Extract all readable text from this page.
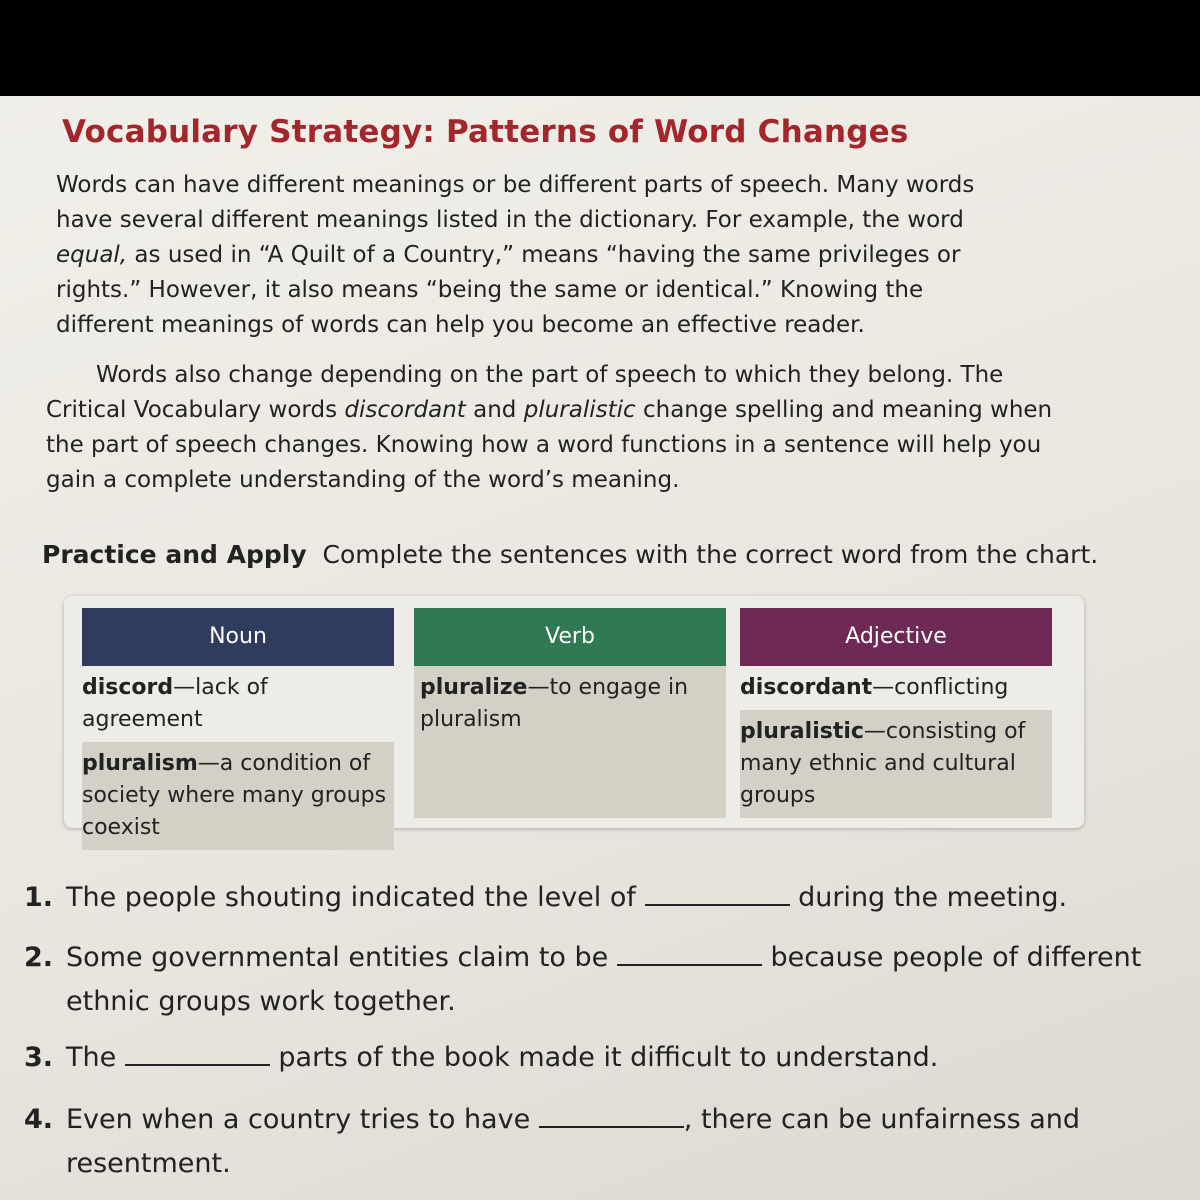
Vocabulary Strategy: Patterns of Word Changes
Words can have different meanings or be different parts of speech. Many words have several different meanings listed in the dictionary. For example, the word equal, as used in “A Quilt of a Country,” means “having the same privileges or rights.” However, it also means “being the same or identical.” Knowing the different meanings of words can help you become an effective reader.
Words also change depending on the part of speech to which they belong. The Critical Vocabulary words discordant and pluralistic change spelling and meaning when the part of speech changes. Knowing how a word functions in a sentence will help you gain a complete understanding of the word’s meaning.
Practice and Apply Complete the sentences with the correct word from the chart.
Noun
discord—lack of agreement
pluralism—a condition of society where many groups coexist
Verb
pluralize—to engage in pluralism
Adjective
discordant—conflicting
pluralistic—consisting of many ethnic and cultural groups
1. The people shouting indicated the level of	during the meeting.
2. Some governmental entities claim to be	because people of different
ethnic groups work together.
3. The	parts of the book made it difficult to understand.
4. Even when a country tries to have	, there can be unfairness and
resentment.
